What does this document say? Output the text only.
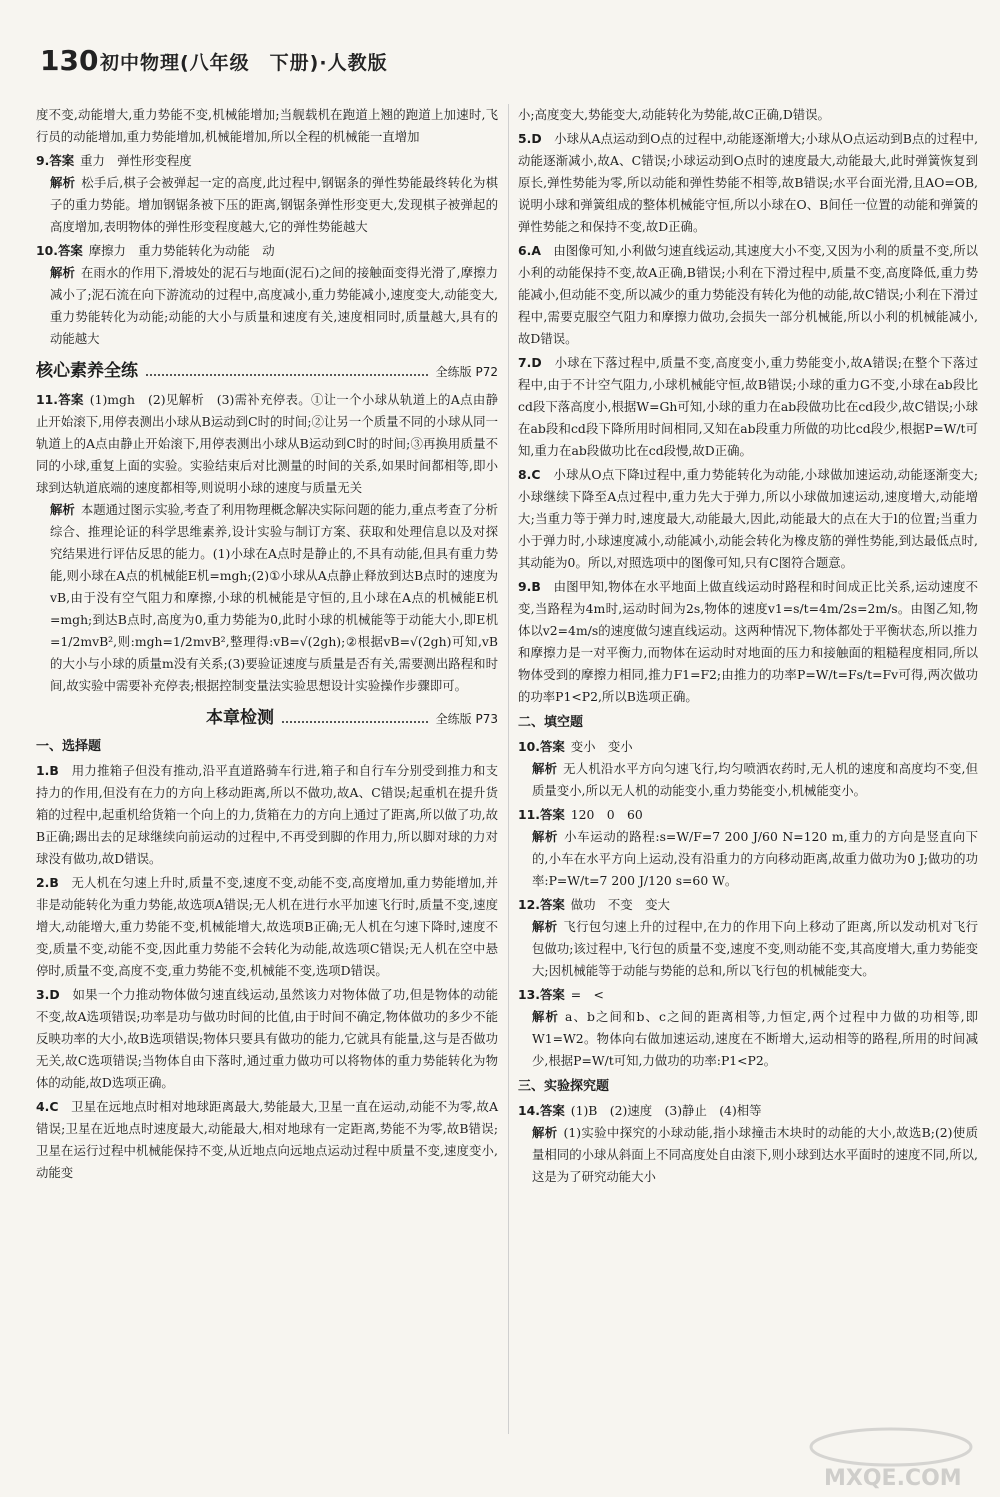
130 初中物理(八年级　下册)·人教版

度不变,动能增大,重力势能不变,机械能增加;当舰载机在跑道上翘的跑道上加速时,飞行员的动能增加,重力势能增加,机械能增加,所以全程的机械能一直增加

9.答案 重力　弹性形变程度
解析 松手后,棋子会被弹起一定的高度,此过程中,钢锯条的弹性势能最终转化为棋子的重力势能。增加钢锯条被下压的距离,钢锯条弹性形变更大,发现棋子被弹起的高度增加,表明物体的弹性形变程度越大,它的弹性势能越大
10.答案 摩擦力　重力势能转化为动能　动
解析 在雨水的作用下,滑坡处的泥石与地面(泥石)之间的接触面变得光滑了,摩擦力减小了;泥石流在向下游流动的过程中,高度减小,重力势能减小,速度变大,动能变大,重力势能转化为动能;动能的大小与质量和速度有关,速度相同时,质量越大,具有的动能越大
核心素养全练	全练版 P72
11.答案 (1)mgh　(2)见解析　(3)需补充停表。①让一个小球从轨道上的A点由静止开始滚下,用停表测出小球从B运动到C时的时间;②让另一个质量不同的小球从同一轨道上的A点由静止开始滚下,用停表测出小球从B运动到C时的时间;③再换用质量不同的小球,重复上面的实验。实验结束后对比测量的时间的关系,如果时间都相等,即小球到达轨道底端的速度都相等,则说明小球的速度与质量无关
解析 本题通过图示实验,考查了利用物理概念解决实际问题的能力,重点考查了分析综合、推理论证的科学思维素养,设计实验与制订方案、获取和处理信息以及对探究结果进行评估反思的能力。(1)小球在A点时是静止的,不具有动能,但具有重力势能,则小球在A点的机械能E机=mgh;(2)①小球从A点静止释放到达B点时的速度为vB,由于没有空气阻力和摩擦,小球的机械能是守恒的,且小球在A点的机械能E机=mgh;到达B点时,高度为0,重力势能为0,此时小球的机械能等于动能大小,即E机=1/2mvB²,则:mgh=1/2mvB²,整理得:vB=√(2gh);②根据vB=√(2gh)可知,vB的大小与小球的质量m没有关系;(3)要验证速度与质量是否有关,需要测出路程和时间,故实验中需要补充停表;根据控制变量法实验思想设计实验操作步骤即可。
本章检测	全练版 P73
一、选择题
1.B　 用力推箱子但没有推动,沿平直道路骑车行进,箱子和自行车分别受到推力和支持力的作用,但没有在力的方向上移动距离,所以不做功,故A、C错误;起重机在提升货箱的过程中,起重机给货箱一个向上的力,货箱在力的方向上通过了距离,所以做了功,故B正确;踢出去的足球继续向前运动的过程中,不再受到脚的作用力,所以脚对球的力对球没有做功,故D错误。
2.B　 无人机在匀速上升时,质量不变,速度不变,动能不变,高度增加,重力势能增加,并非是动能转化为重力势能,故选项A错误;无人机在进行水平加速飞行时,质量不变,速度增大,动能增大,重力势能不变,机械能增大,故选项B正确;无人机在匀速下降时,速度不变,质量不变,动能不变,因此重力势能不会转化为动能,故选项C错误;无人机在空中悬停时,质量不变,高度不变,重力势能不变,机械能不变,选项D错误。
3.D　 如果一个力推动物体做匀速直线运动,虽然该力对物体做了功,但是物体的动能不变,故A选项错误;功率是功与做功时间的比值,由于时间不确定,物体做功的多少不能反映功率的大小,故B选项错误;物体只要具有做功的能力,它就具有能量,这与是否做功无关,故C选项错误;当物体自由下落时,通过重力做功可以将物体的重力势能转化为物体的动能,故D选项正确。
4.C　 卫星在远地点时相对地球距离最大,势能最大,卫星一直在运动,动能不为零,故A错误;卫星在近地点时速度最大,动能最大,相对地球有一定距离,势能不为零,故B错误;卫星在运行过程中机械能保持不变,从近地点向远地点运动过程中质量不变,速度变小,动能变

小;高度变大,势能变大,动能转化为势能,故C正确,D错误。

5.D　 小球从A点运动到O点的过程中,动能逐渐增大;小球从O点运动到B点的过程中,动能逐渐减小,故A、C错误;小球运动到O点时的速度最大,动能最大,此时弹簧恢复到原长,弹性势能为零,所以动能和弹性势能不相等,故B错误;水平台面光滑,且AO=OB,说明小球和弹簧组成的整体机械能守恒,所以小球在O、B间任一位置的动能和弹簧的弹性势能之和保持不变,故D正确。
6.A　 由图像可知,小利做匀速直线运动,其速度大小不变,又因为小利的质量不变,所以小利的动能保持不变,故A正确,B错误;小利在下滑过程中,质量不变,高度降低,重力势能减小,但动能不变,所以减少的重力势能没有转化为他的动能,故C错误;小利在下滑过程中,需要克服空气阻力和摩擦力做功,会损失一部分机械能,所以小利的机械能减小,故D错误。
7.D　 小球在下落过程中,质量不变,高度变小,重力势能变小,故A错误;在整个下落过程中,由于不计空气阻力,小球机械能守恒,故B错误;小球的重力G不变,小球在ab段比cd段下落高度小,根据W=Gh可知,小球的重力在ab段做功比在cd段少,故C错误;小球在ab段和cd段下降所用时间相同,又知在ab段重力所做的功比cd段少,根据P=W/t可知,重力在ab段做功比在cd段慢,故D正确。
8.C　 小球从O点下降l过程中,重力势能转化为动能,小球做加速运动,动能逐渐变大;小球继续下降至A点过程中,重力先大于弹力,所以小球做加速运动,速度增大,动能增大;当重力等于弹力时,速度最大,动能最大,因此,动能最大的点在大于l的位置;当重力小于弹力时,小球速度减小,动能减小,动能会转化为橡皮筋的弹性势能,到达最低点时,其动能为0。所以,对照选项中的图像可知,只有C图符合题意。
9.B　 由图甲知,物体在水平地面上做直线运动时路程和时间成正比关系,运动速度不变,当路程为4m时,运动时间为2s,物体的速度v1=s/t=4m/2s=2m/s。由图乙知,物体以v2=4m/s的速度做匀速直线运动。这两种情况下,物体都处于平衡状态,所以推力和摩擦力是一对平衡力,而物体在运动时对地面的压力和接触面的粗糙程度相同,所以物体受到的摩擦力相同,推力F1=F2;由推力的功率P=W/t=Fs/t=Fv可得,两次做功的功率P1<P2,所以B选项正确。
二、填空题
10.答案 变小　变小
解析 无人机沿水平方向匀速飞行,均匀喷洒农药时,无人机的速度和高度均不变,但质量变小,所以无人机的动能变小,重力势能变小,机械能变小。
11.答案 120　0　60
解析 小车运动的路程:s=W/F=7 200 J/60 N=120 m,重力的方向是竖直向下的,小车在水平方向上运动,没有沿重力的方向移动距离,故重力做功为0 J;做功的功率:P=W/t=7 200 J/120 s=60 W。
12.答案 做功　不变　变大
解析 飞行包匀速上升的过程中,在力的作用下向上移动了距离,所以发动机对飞行包做功;该过程中,飞行包的质量不变,速度不变,则动能不变,其高度增大,重力势能变大;因机械能等于动能与势能的总和,所以飞行包的机械能变大。
13.答案 =　<
解析 a、b之间和b、c之间的距离相等,力恒定,两个过程中力做的功相等,即W1=W2。物体向右做加速运动,速度在不断增大,运动相等的路程,所用的时间减少,根据P=W/t可知,力做功的功率:P1<P2。
三、实验探究题
14.答案 (1)B　(2)速度　(3)静止　(4)相等
解析 (1)实验中探究的小球动能,指小球撞击木块时的动能的大小,故选B;(2)使质量相同的小球从斜面上不同高度处自由滚下,则小球到达水平面时的速度不同,所以,这是为了研究动能大小
MXQE.COM
